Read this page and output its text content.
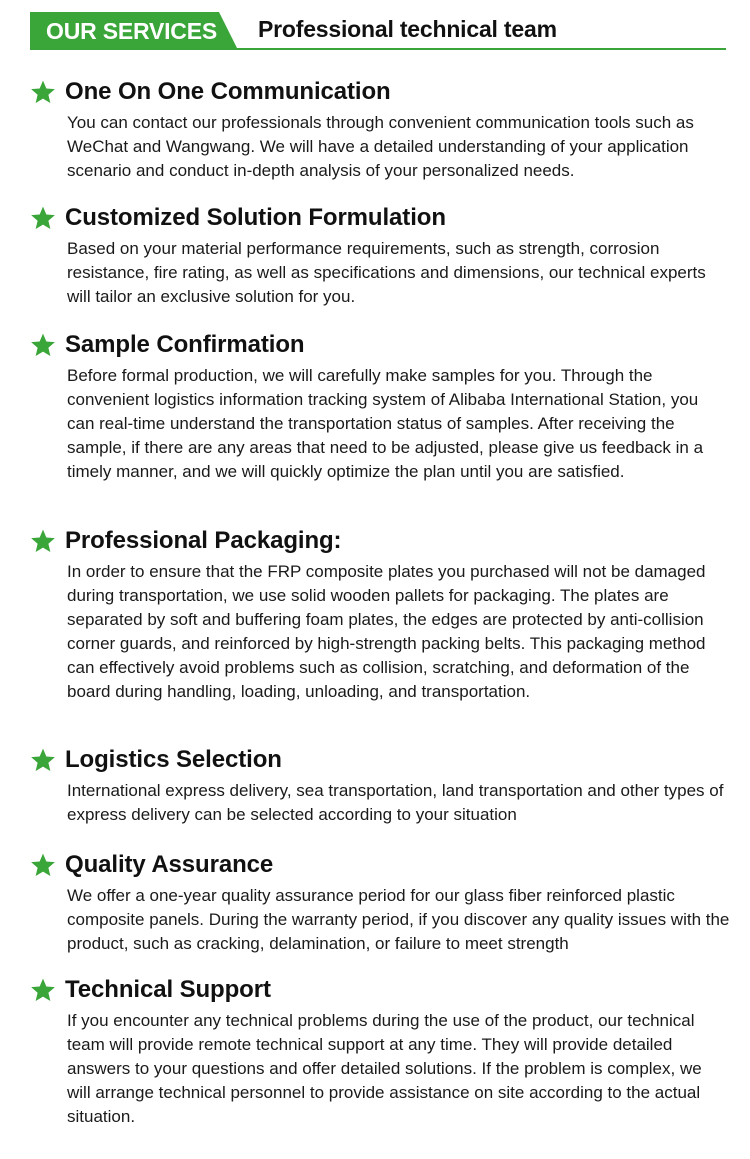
OUR SERVICES Professional technical team
One On One Communication
You can contact our professionals through convenient communication tools such as WeChat and Wangwang. We will have a detailed understanding of your application scenario and conduct in-depth analysis of your personalized needs.
Customized Solution Formulation
Based on your material performance requirements, such as strength, corrosion resistance, fire rating, as well as specifications and dimensions, our technical experts will tailor an exclusive solution for you.
Sample Confirmation
Before formal production, we will carefully make samples for you. Through the convenient logistics information tracking system of Alibaba International Station, you can real-time understand the transportation status of samples. After receiving the sample, if there are any areas that need to be adjusted, please give us feedback in a timely manner, and we will quickly optimize the plan until you are satisfied.
Professional Packaging:
In order to ensure that the FRP composite plates you purchased will not be damaged during transportation, we use solid wooden pallets for packaging. The plates are separated by soft and buffering foam plates, the edges are protected by anti-collision corner guards, and reinforced by high-strength packing belts. This packaging method can effectively avoid problems such as collision, scratching, and deformation of the board during handling, loading, unloading, and transportation.
Logistics Selection
International express delivery, sea transportation, land transportation and other types of express delivery can be selected according to your situation
Quality Assurance
We offer a one-year quality assurance period for our glass fiber reinforced plastic composite panels. During the warranty period, if you discover any quality issues with the product, such as cracking, delamination, or failure to meet strength
Technical Support
If you encounter any technical problems during the use of the product, our technical team will provide remote technical support at any time. They will provide detailed answers to your questions and offer detailed solutions. If the problem is complex, we will arrange technical personnel to provide assistance on site according to the actual situation.
